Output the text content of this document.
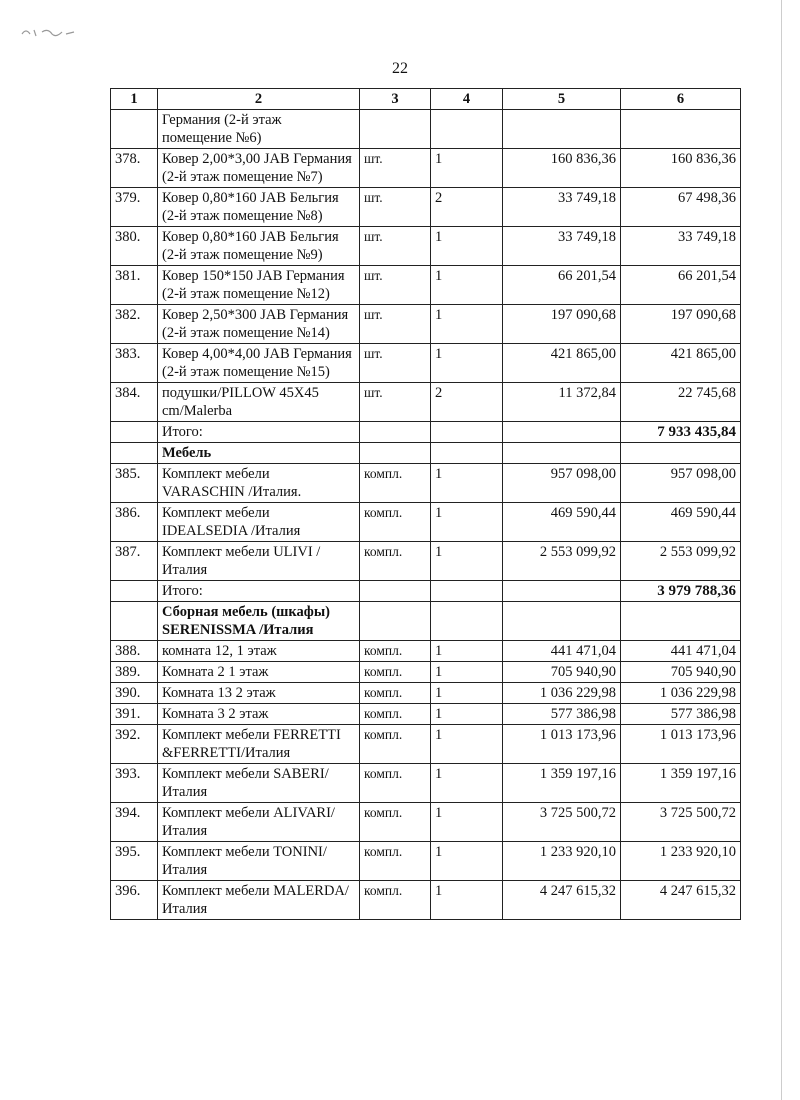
22
1	2	3	4	5	6
	Германия (2-й этаж помещение №6)				
378.	Ковер 2,00*3,00 JAB Германия (2-й этаж помещение №7)	шт.	1	160 836,36	160 836,36
379.	Ковер 0,80*160 JAB Бельгия (2-й этаж помещение №8)	шт.	2	33 749,18	67 498,36
380.	Ковер 0,80*160 JAB Бельгия (2-й этаж помещение №9)	шт.	1	33 749,18	33 749,18
381.	Ковер 150*150 JAB Германия (2-й этаж помещение №12)	шт.	1	66 201,54	66 201,54
382.	Ковер 2,50*300 JAB Германия (2-й этаж помещение №14)	шт.	1	197 090,68	197 090,68
383.	Ковер 4,00*4,00 JAB Германия (2-й этаж помещение №15)	шт.	1	421 865,00	421 865,00
384.	подушки/PILLOW 45X45 cm/Malerba	шт.	2	11 372,84	22 745,68
	Итого:				7 933 435,84
	Мебель				
385.	Комплект мебели VARASCHIN /Италия.	компл.	1	957 098,00	957 098,00
386.	Комплект мебели IDEALSEDIA /Италия	компл.	1	469 590,44	469 590,44
387.	Комплект мебели ULIVI /Италия	компл.	1	2 553 099,92	2 553 099,92
	Итого:				3 979 788,36
	Сборная мебель (шкафы) SERENISSMA /Италия				
388.	комната 12, 1 этаж	компл.	1	441 471,04	441 471,04
389.	Комната 2 1 этаж	компл.	1	705 940,90	705 940,90
390.	Комната 13 2 этаж	компл.	1	1 036 229,98	1 036 229,98
391.	Комната 3 2 этаж	компл.	1	577 386,98	577 386,98
392.	Комплект мебели FERRETTI &FERRETTI/Италия	компл.	1	1 013 173,96	1 013 173,96
393.	Комплект мебели SABERI/Италия	компл.	1	1 359 197,16	1 359 197,16
394.	Комплект мебели ALIVARI/Италия	компл.	1	3 725 500,72	3 725 500,72
395.	Комплект мебели TONINI/Италия	компл.	1	1 233 920,10	1 233 920,10
396.	Комплект мебели MALERDA/Италия	компл.	1	4 247 615,32	4 247 615,32
